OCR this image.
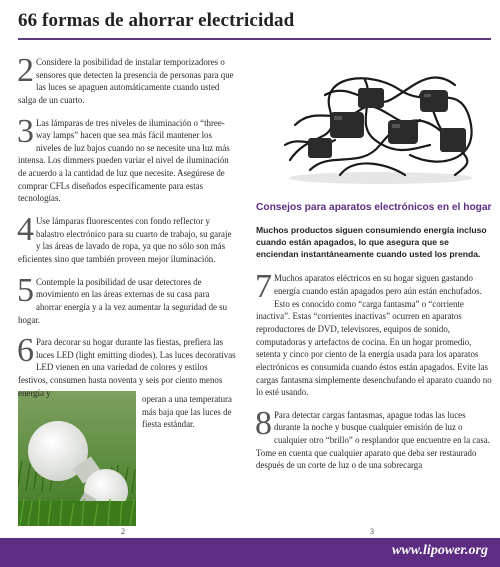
66 formas de ahorrar electricidad
2 Considere la posibilidad de instalar temporizadores o sensores que detecten la presencia de personas para que las luces se apaguen automáticamente cuando usted salga de un cuarto.
3 Las lámparas de tres niveles de iluminación o “three-way lamps” hacen que sea más fácil mantener los niveles de luz bajos cuando no se necesite una luz más intensa. Los dimmers pueden variar el nivel de iluminación de acuerdo a la cantidad de luz que necesite. Asegúrese de comprar CFLs diseñados específicamente para estas tecnologías.
4 Use lámparas fluorescentes con fondo reflector y balastro electrónico para su cuarto de trabajo, su garaje y las áreas de lavado de ropa, ya que no sólo son más eficientes sino que también proveen mejor iluminación.
5 Contemple la posibilidad de usar detectores de movimiento en las áreas externas de su casa para ahorrar energía y a la vez aumentar la seguridad de su hogar.
6 Para decorar su hogar durante las fiestas, prefiera las luces LED (light emitting diodes). Las luces decorativas LED vienen en una variedad de colores y estilos festivos, consumen hasta noventa y seis por ciento menos energía y
operan a una temperatura más baja que las luces de fiesta estándar.
Consejos para aparatos electrónicos en el hogar
Muchos productos siguen consumiendo energía incluso cuando están apagados, lo que asegura que se enciendan instantáneamente cuando usted los prenda.
7 Muchos aparatos eléctricos en su hogar siguen gastando energía cuando están apagados pero aún están enchufados. Esto es conocido como “carga fantasma” o “corriente inactiva”. Estas “corrientes inactivas” ocurren en aparatos reproductores de DVD, televisores, equipos de sonido, computadoras y artefactos de cocina. En un hogar promedio, setenta y cinco por ciento de la energía usada para los aparatos electrónicos es consumida cuando éstos están apagados. Evite las cargas fantasma simplemente desenchufando el aparato cuando no lo esté usando.
8 Para detectar cargas fantasmas, apague todas las luces durante la noche y busque cualquier emisión de luz o cualquier otro “brillo” o resplandor que encuentre en la casa. Tome en cuenta que cualquier aparato que deba ser restaurado después de un corte de luz o de una sobrecarga
2	3
www.lipower.org
